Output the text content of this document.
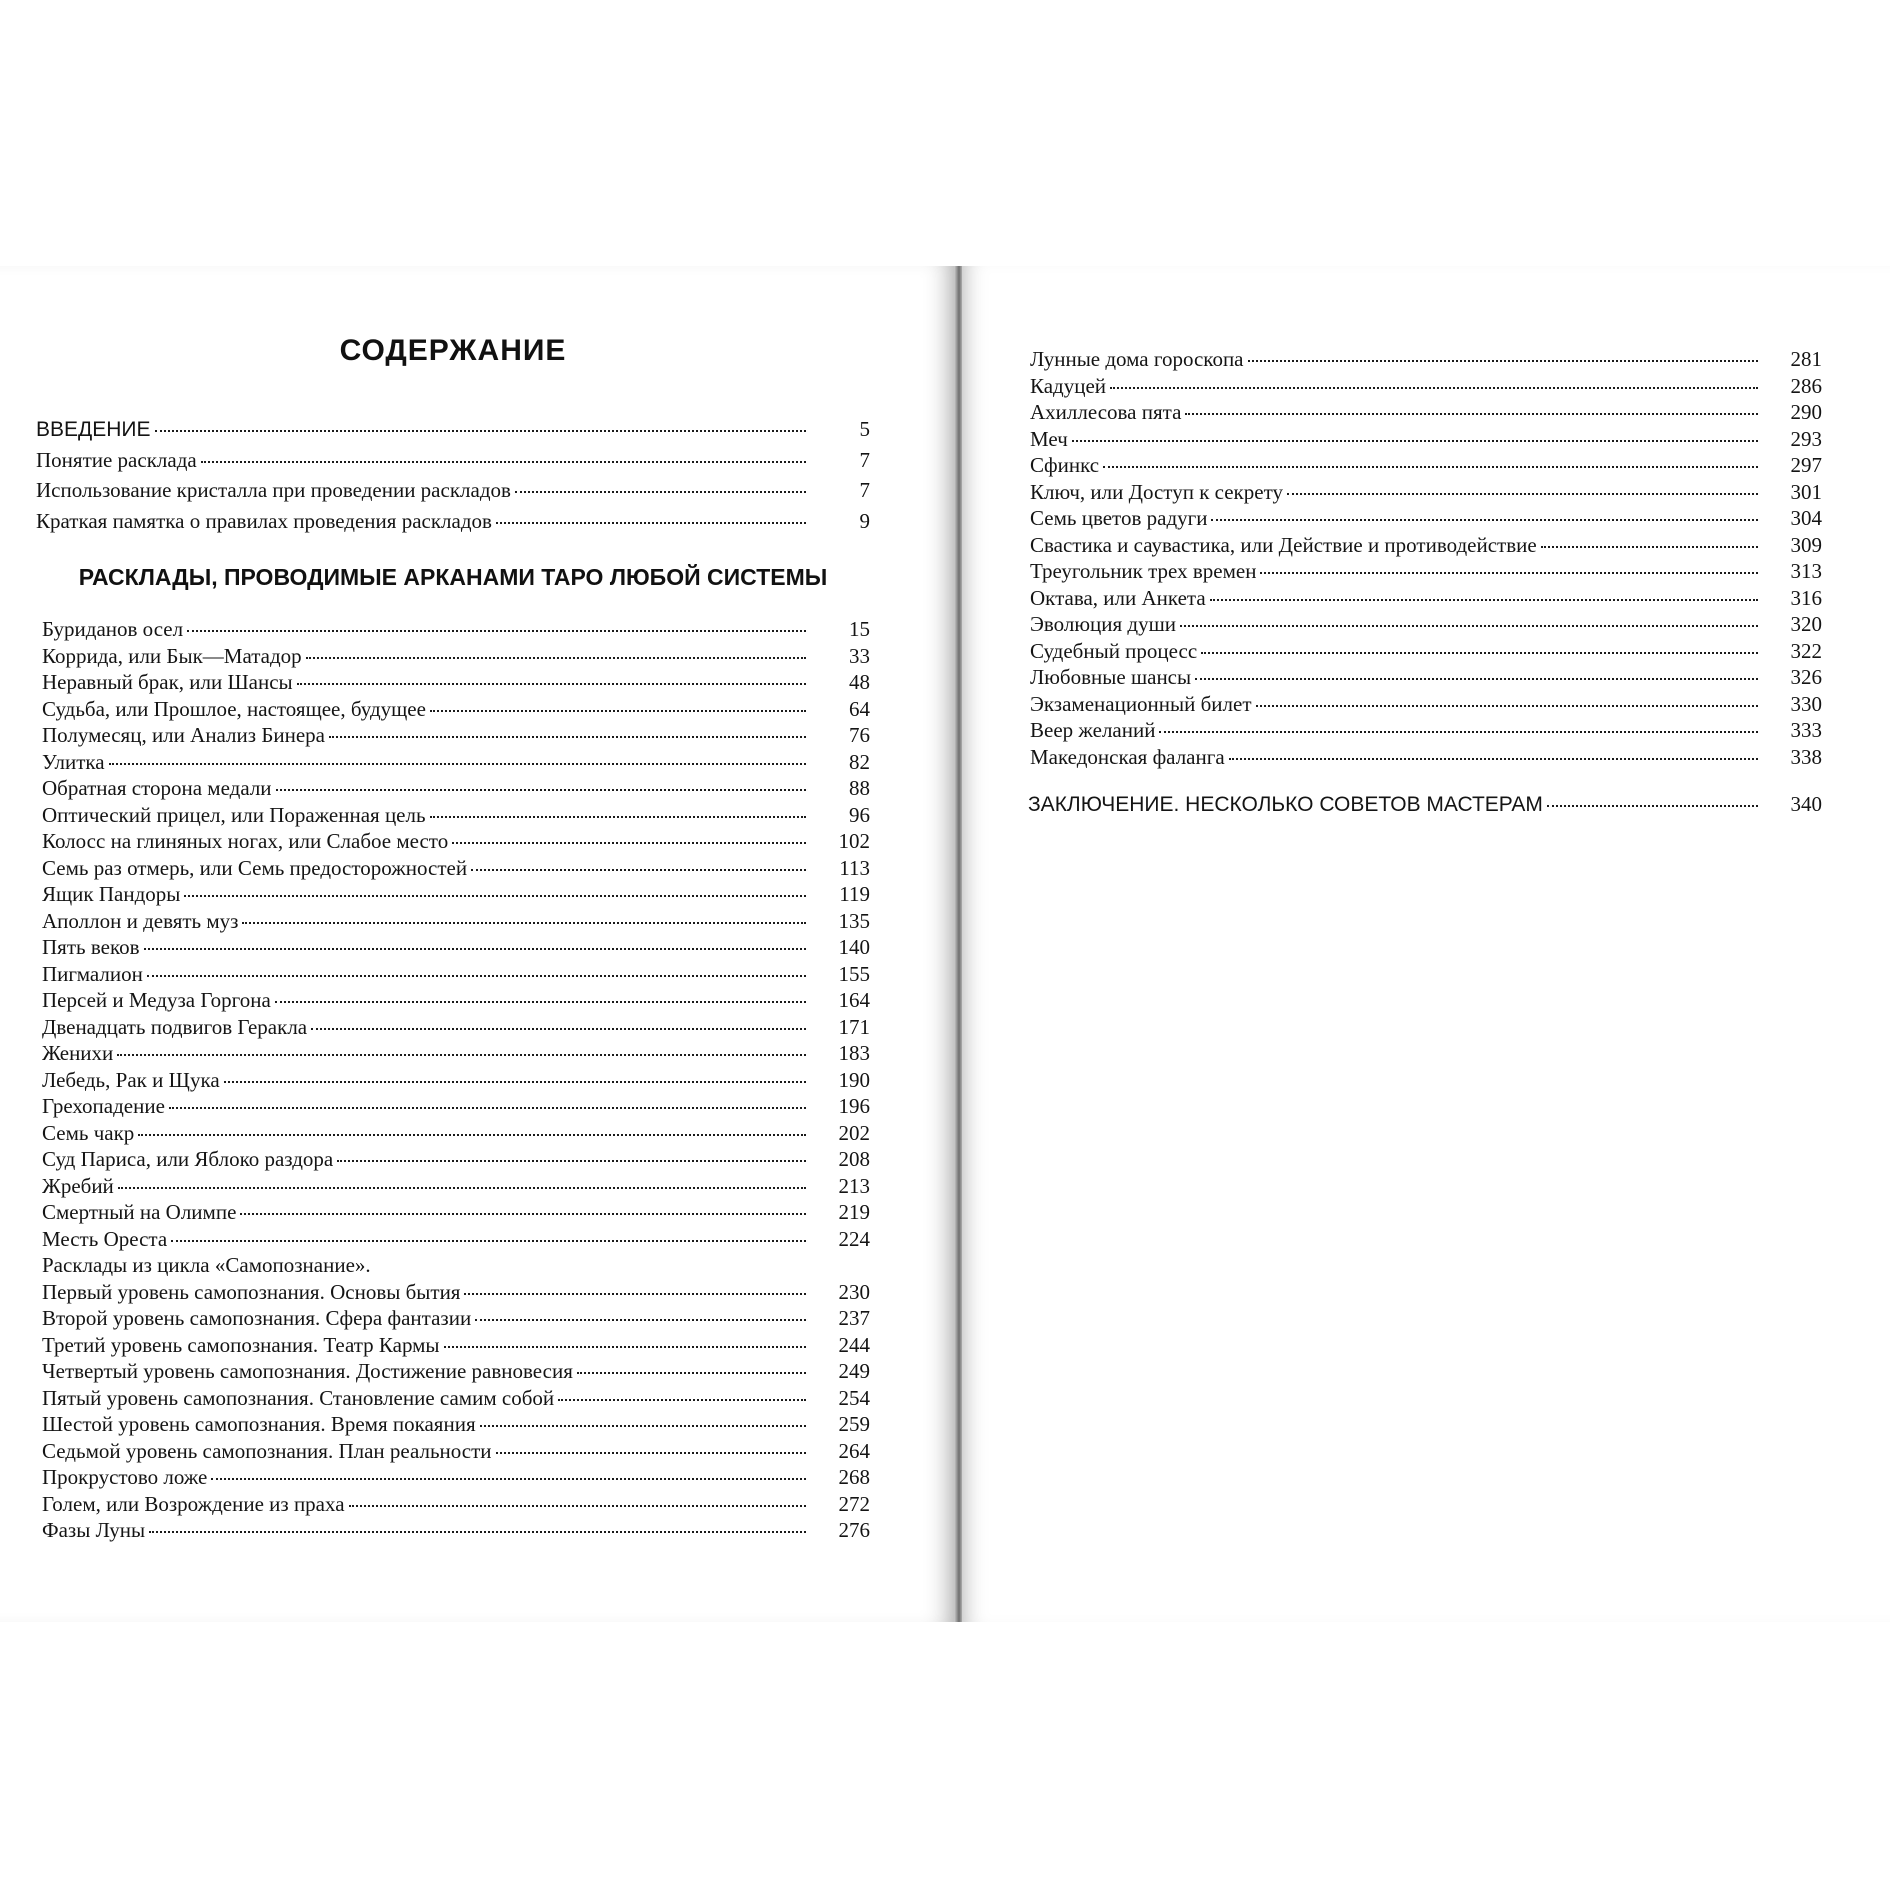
СОДЕРЖАНИЕ
ВВЕДЕНИЕ	5
Понятие расклада	7
Использование кристалла при проведении раскладов	7
Краткая памятка о правилах проведения раскладов	9
РАСКЛАДЫ, ПРОВОДИМЫЕ АРКАНАМИ ТАРО ЛЮБОЙ СИСТЕМЫ
Буриданов осел	15
Коррида, или Бык—Матадор	33
Неравный брак, или Шансы	48
Судьба, или Прошлое, настоящее, будущее	64
Полумесяц, или Анализ Бинера	76
Улитка	82
Обратная сторона медали	88
Оптический прицел, или Пораженная цель	96
Колосс на глиняных ногах, или Слабое место	102
Семь раз отмерь, или Семь предосторожностей	113
Ящик Пандоры	119
Аполлон и девять муз	135
Пять веков	140
Пигмалион	155
Персей и Медуза Горгона	164
Двенадцать подвигов Геракла	171
Женихи	183
Лебедь, Рак и Щука	190
Грехопадение	196
Семь чакр	202
Суд Париса, или Яблоко раздора	208
Жребий	213
Смертный на Олимпе	219
Месть Ореста	224
Расклады из цикла «Самопознание».
Первый уровень самопознания. Основы бытия	230
Второй уровень самопознания. Сфера фантазии	237
Третий уровень самопознания. Театр Кармы	244
Четвертый уровень самопознания. Достижение равновесия	249
Пятый уровень самопознания. Становление самим собой	254
Шестой уровень самопознания. Время покаяния	259
Седьмой уровень самопознания. План реальности	264
Прокрустово ложе	268
Голем, или Возрождение из праха	272
Фазы Луны	276
Лунные дома гороскопа	281
Кадуцей	286
Ахиллесова пята	290
Меч	293
Сфинкс	297
Ключ, или Доступ к секрету	301
Семь цветов радуги	304
Свастика и саувастика, или Действие и противодействие	309
Треугольник трех времен	313
Октава, или Анкета	316
Эволюция души	320
Судебный процесс	322
Любовные шансы	326
Экзаменационный билет	330
Веер желаний	333
Македонская фаланга	338
ЗАКЛЮЧЕНИЕ. НЕСКОЛЬКО СОВЕТОВ МАСТЕРАМ	340
